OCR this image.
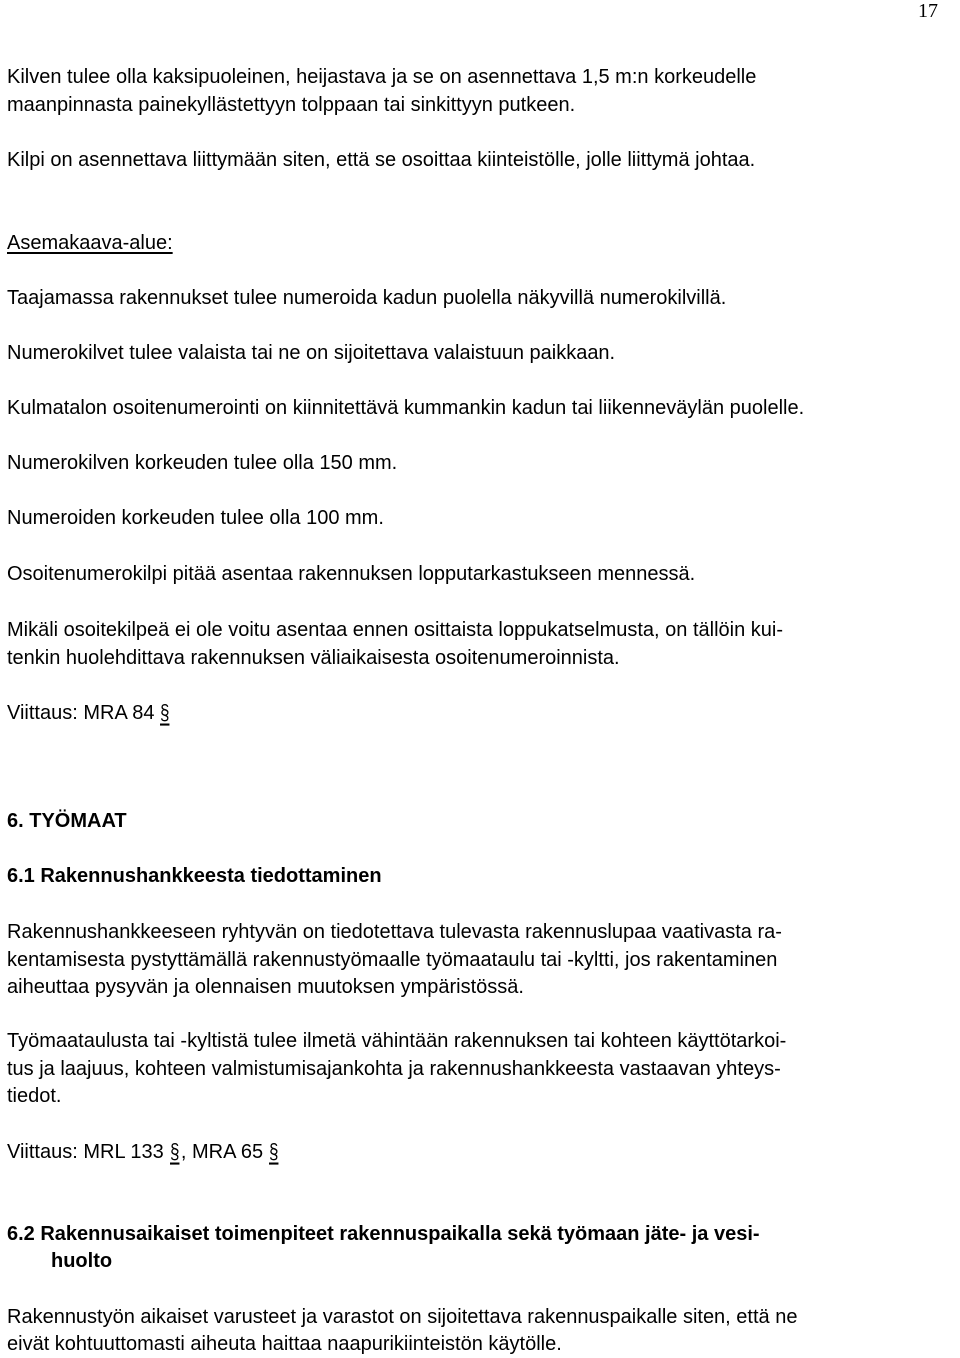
17

Kilven tulee olla kaksipuoleinen, heijastava ja se on asennettava 1,5 m:n korkeudelle

maanpinnasta painekyllästettyyn tolppaan tai sinkittyyn putkeen.

Kilpi on asennettava liittymään siten, että se osoittaa kiinteistölle, jolle liittymä johtaa.

Asemakaava-alue:

Taajamassa rakennukset tulee numeroida kadun puolella näkyvillä numerokilvillä.

Numerokilvet tulee valaista tai ne on sijoitettava valaistuun paikkaan.

Kulmatalon osoitenumerointi on kiinnitettävä kummankin kadun tai liikenneväylän puolelle.

Numerokilven korkeuden tulee olla 150 mm.

Numeroiden korkeuden tulee olla 100 mm.

Osoitenumerokilpi pitää asentaa rakennuksen lopputarkastukseen mennessä.

Mikäli osoitekilpeä ei ole voitu asentaa ennen osittaista loppukatselmusta, on tällöin kui-

tenkin huolehdittava rakennuksen väliaikaisesta osoitenumeroinnista.

Viittaus: MRA 84 §

6. TYÖMAAT

6.1 Rakennushankkeesta tiedottaminen

Rakennushankkeeseen ryhtyvän on tiedotettava tulevasta rakennuslupaa vaativasta ra-

kentamisesta pystyttämällä rakennustyömaalle työmaataulu tai -kyltti, jos rakentaminen

aiheuttaa pysyvän ja olennaisen muutoksen ympäristössä.

Työmaataulusta tai -kyltistä tulee ilmetä vähintään rakennuksen tai kohteen käyttötarkoi-

tus ja laajuus, kohteen valmistumisajankohta ja rakennushankkeesta vastaavan yhteys-

tiedot.

Viittaus: MRL 133 §, MRA 65 §

6.2 Rakennusaikaiset toimenpiteet rakennuspaikalla sekä työmaan jäte- ja vesi-

huolto

Rakennustyön aikaiset varusteet ja varastot on sijoitettava rakennuspaikalle siten, että ne

eivät kohtuuttomasti aiheuta haittaa naapurikiinteistön käytölle.
